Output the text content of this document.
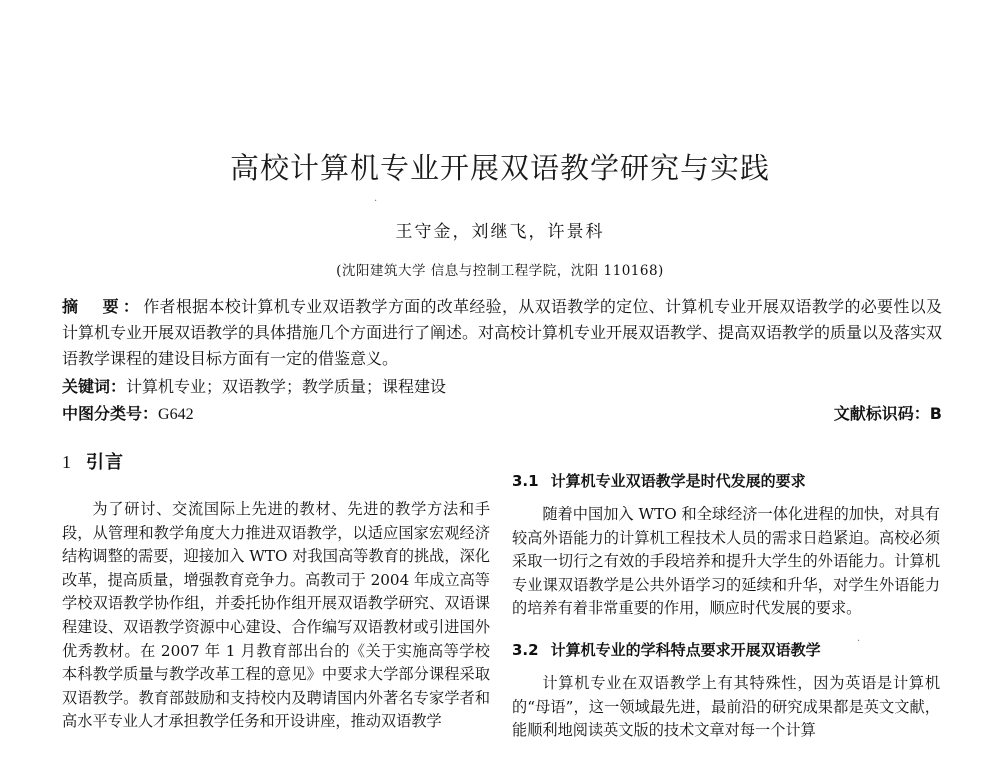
高校计算机专业开展双语教学研究与实践
王守金，刘继飞，许景科
(沈阳建筑大学 信息与控制工程学院，沈阳 110168)
摘　要：作者根据本校计算机专业双语教学方面的改革经验，从双语教学的定位、计算机专业开展双语教学的必要性以及计算机专业开展双语教学的具体措施几个方面进行了阐述。对高校计算机专业开展双语教学、提高双语教学的质量以及落实双语教学课程的建设目标方面有一定的借鉴意义。
关键词：计算机专业；双语教学；教学质量；课程建设
中图分类号：G642	文献标识码：B
1 引言

为了研讨、交流国际上先进的教材、先进的教学方法和手段，从管理和教学角度大力推进双语教学，以适应国家宏观经济结构调整的需要，迎接加入 WTO 对我国高等教育的挑战，深化改革，提高质量，增强教育竞争力。高教司于 2004 年成立高等学校双语教学协作组，并委托协作组开展双语教学研究、双语课程建设、双语教学资源中心建设、合作编写双语教材或引进国外优秀教材。在 2007 年 1 月教育部出台的《关于实施高等学校本科教学质量与教学改革工程的意见》中要求大学部分课程采取双语教学。教育部鼓励和支持校内及聘请国内外著名专家学者和高水平专业人才承担教学任务和开设讲座，推动双语教学

3.1 计算机专业双语教学是时代发展的要求

随着中国加入 WTO 和全球经济一体化进程的加快，对具有较高外语能力的计算机工程技术人员的需求日趋紧迫。高校必须采取一切行之有效的手段培养和提升大学生的外语能力。计算机专业课双语教学是公共外语学习的延续和升华，对学生外语能力的培养有着非常重要的作用，顺应时代发展的要求。

3.2 计算机专业的学科特点要求开展双语教学

计算机专业在双语教学上有其特殊性，因为英语是计算机的“母语”，这一领域最先进，最前沿的研究成果都是英文文献，能顺利地阅读英文版的技术文章对每一个计算

·
·
